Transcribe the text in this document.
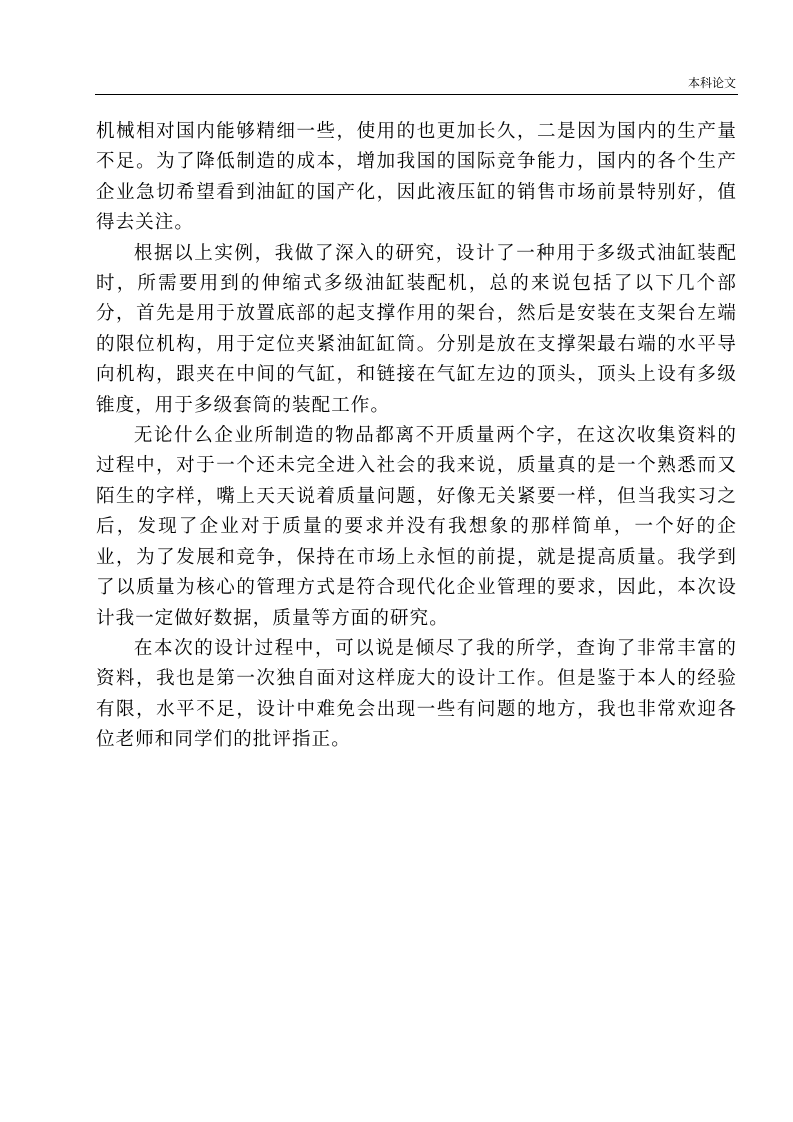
本科论文

机械相对国内能够精细一些，使用的也更加长久，二是因为国内的生产量不足。为了降低制造的成本，增加我国的国际竞争能力，国内的各个生产企业急切希望看到油缸的国产化，因此液压缸的销售市场前景特别好，值得去关注。

根据以上实例，我做了深入的研究，设计了一种用于多级式油缸装配时，所需要用到的伸缩式多级油缸装配机，总的来说包括了以下几个部分，首先是用于放置底部的起支撑作用的架台，然后是安装在支架台左端的限位机构，用于定位夹紧油缸缸筒。分别是放在支撑架最右端的水平导向机构，跟夹在中间的气缸，和链接在气缸左边的顶头，顶头上设有多级锥度，用于多级套筒的装配工作。

无论什么企业所制造的物品都离不开质量两个字，在这次收集资料的过程中，对于一个还未完全进入社会的我来说，质量真的是一个熟悉而又陌生的字样，嘴上天天说着质量问题，好像无关紧要一样，但当我实习之后，发现了企业对于质量的要求并没有我想象的那样简单，一个好的企业，为了发展和竞争，保持在市场上永恒的前提，就是提高质量。我学到了以质量为核心的管理方式是符合现代化企业管理的要求，因此，本次设计我一定做好数据，质量等方面的研究。

在本次的设计过程中，可以说是倾尽了我的所学，查询了非常丰富的资料，我也是第一次独自面对这样庞大的设计工作。但是鉴于本人的经验有限，水平不足，设计中难免会出现一些有问题的地方，我也非常欢迎各位老师和同学们的批评指正。
